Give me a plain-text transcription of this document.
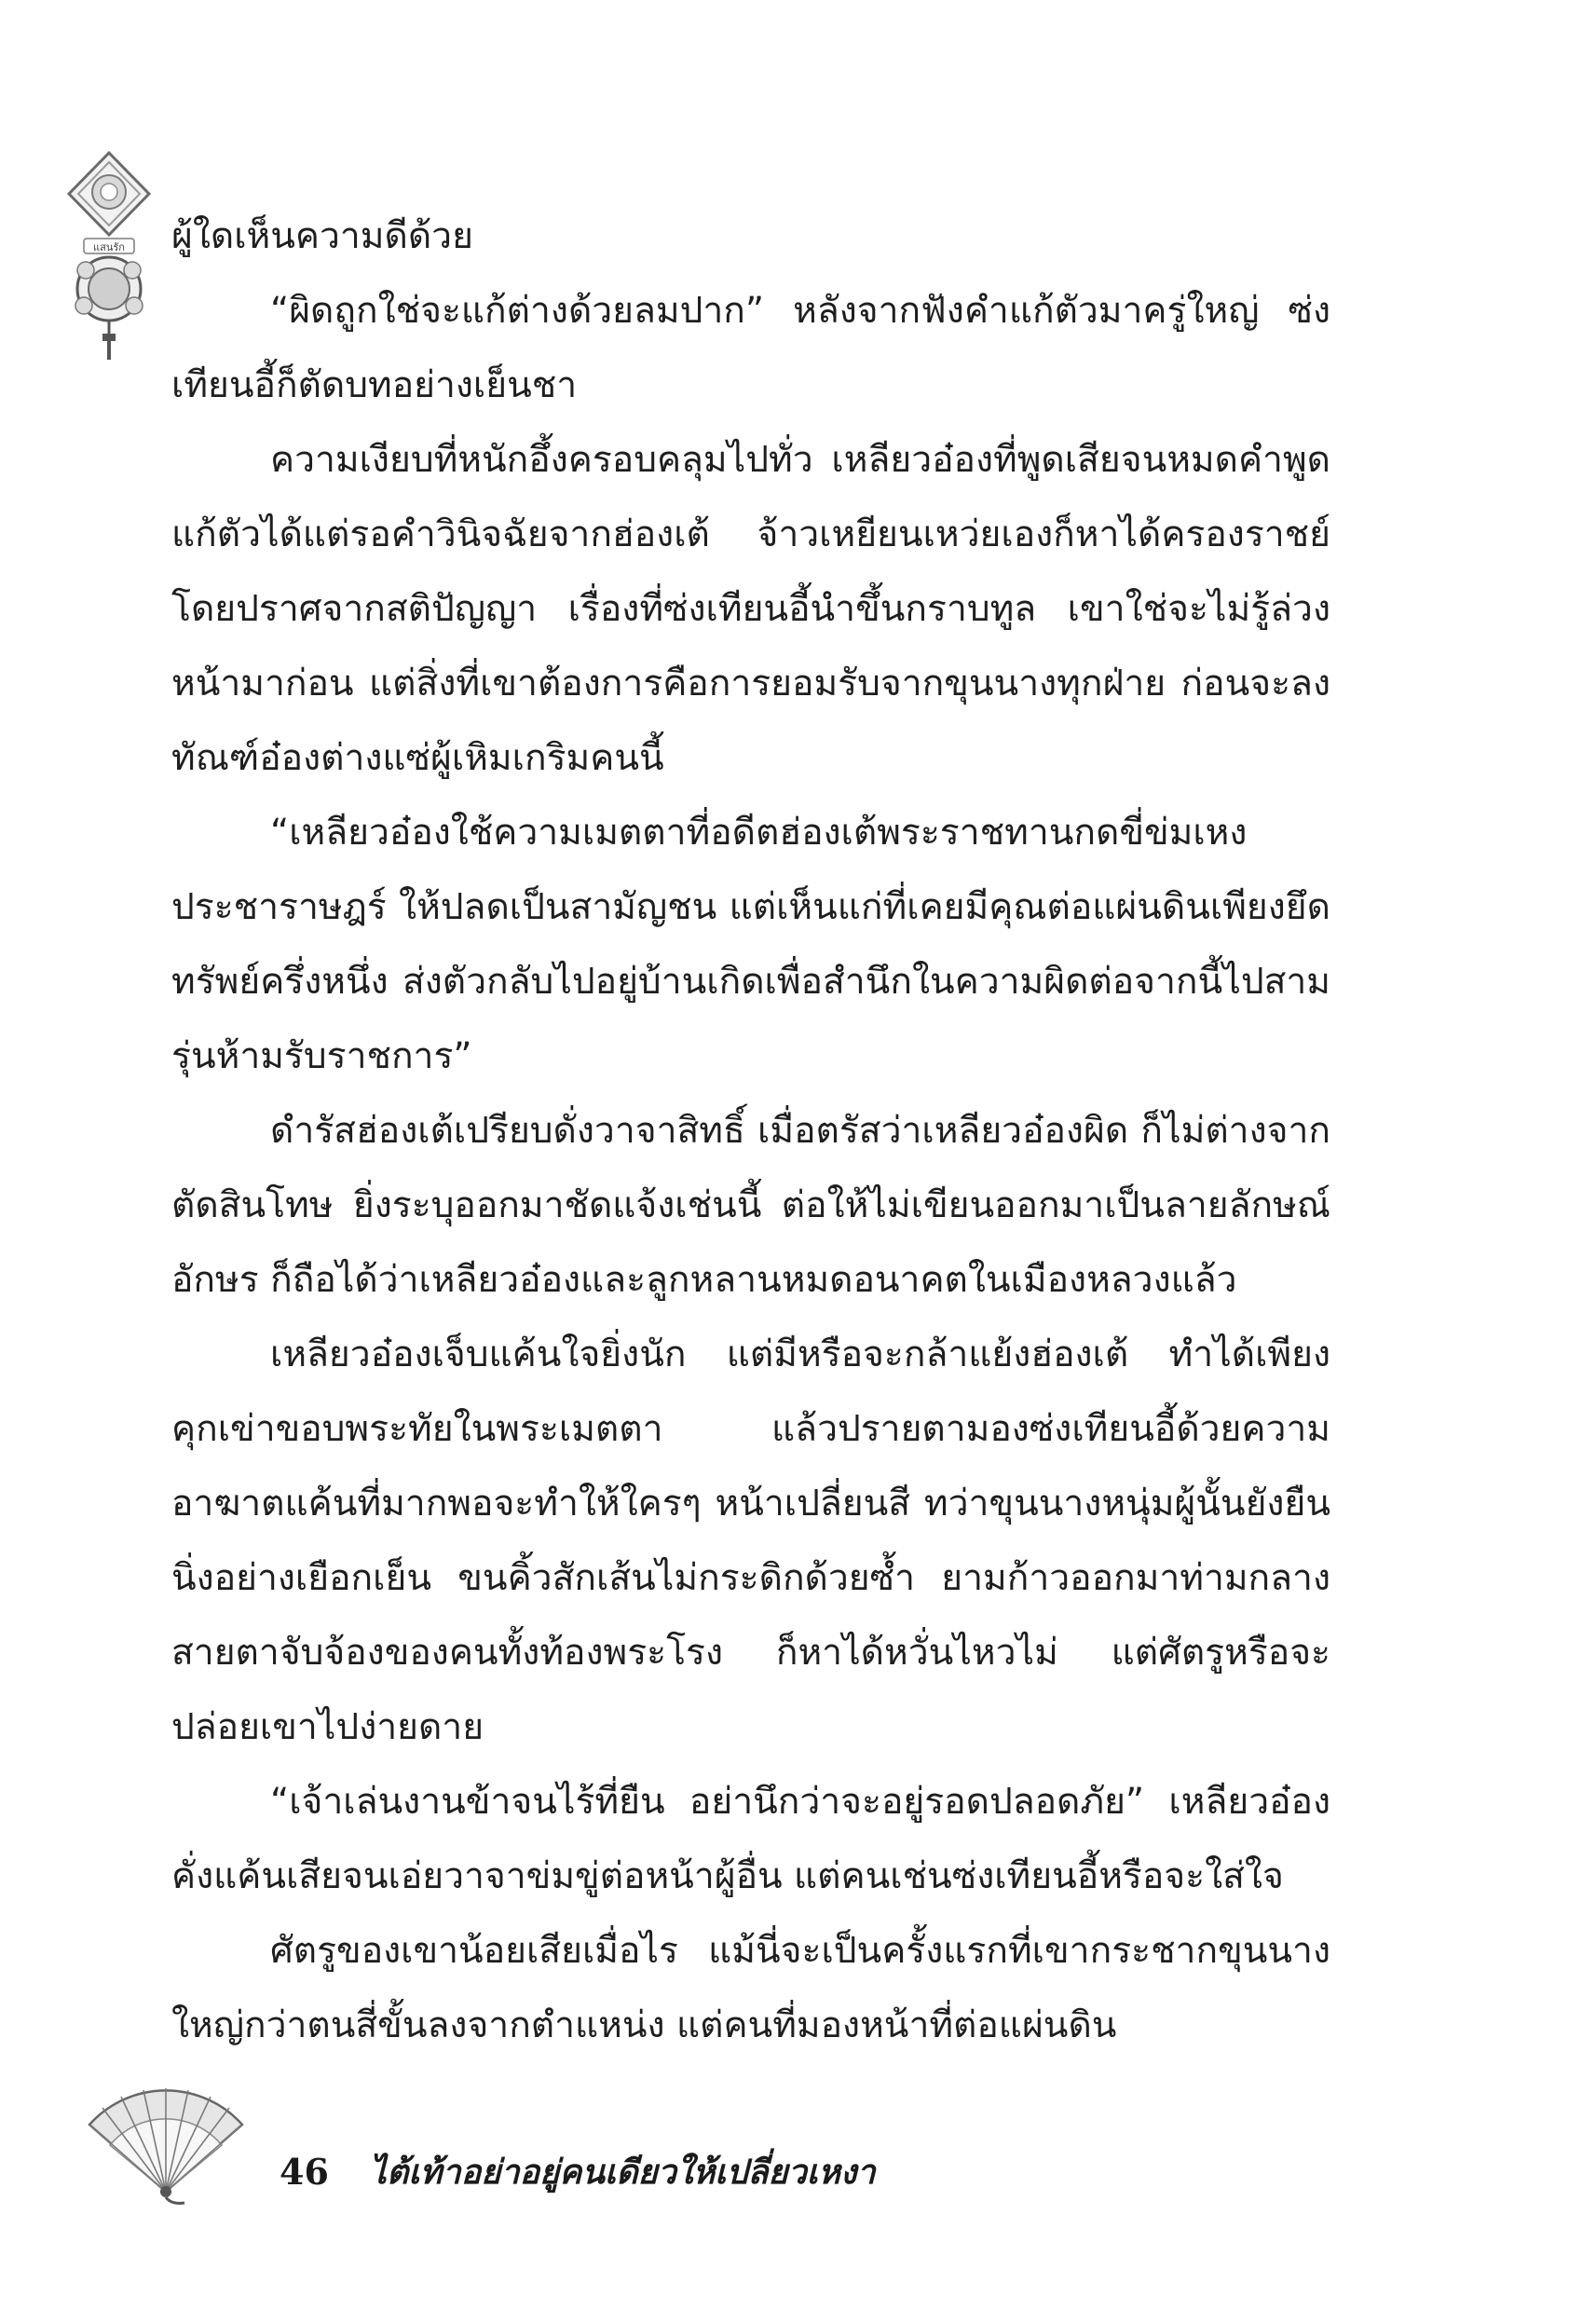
แสนรัก ผู้ใดเห็นความดีด้วย

“ผิดถูกใช่จะแก้ต่างด้วยลมปาก” หลังจากฟังคำแก้ตัวมาครู่ใหญ่ ซ่งเทียนอี้ก็ตัดบทอย่างเย็นชา

ความเงียบที่หนักอึ้งครอบคลุมไปทั่ว เหลียวอ๋องที่พูดเสียจนหมดคำพูดแก้ตัวได้แต่รอคำวินิจฉัยจากฮ่องเต้ จ้าวเหยียนเหว่ยเองก็หาได้ครองราชย์โดยปราศจากสติปัญญา เรื่องที่ซ่งเทียนอี้นำขึ้นกราบทูล เขาใช่จะไม่รู้ล่วงหน้ามาก่อน แต่สิ่งที่เขาต้องการคือการยอมรับจากขุนนางทุกฝ่าย ก่อนจะลงทัณฑ์อ๋องต่างแซ่ผู้เหิมเกริมคนนี้

“เหลียวอ๋องใช้ความเมตตาที่อดีตฮ่องเต้พระราชทานกดขี่ข่มเหงประชาราษฎร์ ให้ปลดเป็นสามัญชน แต่เห็นแก่ที่เคยมีคุณต่อแผ่นดินเพียงยึดทรัพย์ครึ่งหนึ่ง ส่งตัวกลับไปอยู่บ้านเกิดเพื่อสำนึกในความผิดต่อจากนี้ไปสามรุ่นห้ามรับราชการ”

ดำรัสฮ่องเต้เปรียบดั่งวาจาสิทธิ์ เมื่อตรัสว่าเหลียวอ๋องผิด ก็ไม่ต่างจากตัดสินโทษ ยิ่งระบุออกมาชัดแจ้งเช่นนี้ ต่อให้ไม่เขียนออกมาเป็นลายลักษณ์อักษร ก็ถือได้ว่าเหลียวอ๋องและลูกหลานหมดอนาคตในเมืองหลวงแล้ว

เหลียวอ๋องเจ็บแค้นใจยิ่งนัก แต่มีหรือจะกล้าแย้งฮ่องเต้ ทำได้เพียงคุกเข่าขอบพระทัยในพระเมตตา แล้วปรายตามองซ่งเทียนอี้ด้วยความอาฆาตแค้นที่มากพอจะทำให้ใครๆ หน้าเปลี่ยนสี ทว่าขุนนางหนุ่มผู้นั้นยังยืนนิ่งอย่างเยือกเย็น ขนคิ้วสักเส้นไม่กระดิกด้วยซ้ำ ยามก้าวออกมาท่ามกลางสายตาจับจ้องของคนทั้งท้องพระโรง ก็หาได้หวั่นไหวไม่ แต่ศัตรูหรือจะปล่อยเขาไปง่ายดาย

“เจ้าเล่นงานข้าจนไร้ที่ยืน อย่านึกว่าจะอยู่รอดปลอดภัย” เหลียวอ๋องคั่งแค้นเสียจนเอ่ยวาจาข่มขู่ต่อหน้าผู้อื่น แต่คนเช่นซ่งเทียนอี้หรือจะใส่ใจ

ศัตรูของเขาน้อยเสียเมื่อไร แม้นี่จะเป็นครั้งแรกที่เขากระชากขุนนางใหญ่กว่าตนสี่ขั้นลงจากตำแหน่ง แต่คนที่มองหน้าที่ต่อแผ่นดิน

46 ไต้เท้าอย่าอยู่คนเดียวให้เปลี่ยวเหงา
